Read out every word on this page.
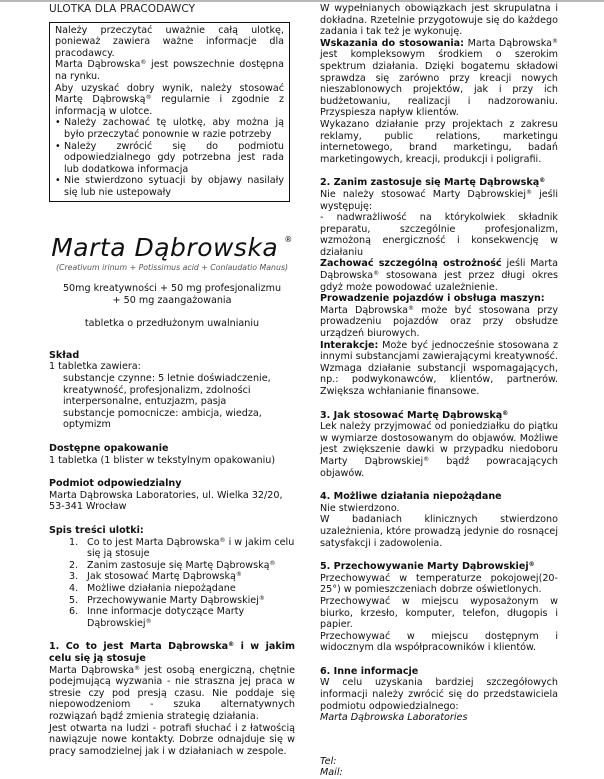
ULOTKA DLA PRACODAWCY

Należy przeczytać uważnie całą ulotkę, ponieważ zawiera ważne informacje dla pracodawcy.

Marta Dąbrowska® jest powszechnie dostępna na rynku.

Aby uzyskać dobry wynik, należy stosować Martę Dąbrowską® regularnie i zgodnie z informacją w ulotce.

• Należy zachować tę ulotkę, aby można ją było przeczytać ponownie w razie potrzeby
• Należy zwrócić się do podmiotu odpowiedzialnego gdy potrzebna jest rada lub dodatkowa informacja
• Nie stwierdzono sytuacji by objawy nasilały się lub nie ustepowały
Marta Dąbrowska ®
(Creativum irinum + Potissimus acid + Conlaudatio Manus)
50mg kreatywności + 50 mg profesjonalizmu
+ 50 mg zaangażowania
tabletka o przedłużonym uwalnianiu
Skład
1 tabletka zawiera:
substancje czynne: 5 letnie doświadczenie, kreatywność, profesjonalizm, zdolności interpersonalne, entuzjazm, pasja
substancje pomocnicze: ambicja, wiedza, optymizm
Dostępne opakowanie
1 tabletka (1 blister w tekstylnym opakowaniu)
Podmiot odpowiedzialny
Marta Dąbrowska Laboratories, ul. Wielka 32/20, 53-341 Wrocław
Spis treści ulotki:
1. Co to jest Marta Dąbrowska® i w jakim celu się ją stosuje
2. Zanim zastosuje się Martę Dąbrowską®
3. Jak stosować Martę Dąbrowską®
4. Możliwe działania niepożądane
5. Przechowywanie Marty Dąbrowskiej®
6. Inne informacje dotyczące Marty Dąbrowskiej®
1. Co to jest Marta Dąbrowska® i w jakim celu się ją stosuje
Marta Dąbrowska® jest osobą energiczną, chętnie podejmującą wyzwania - nie straszna jej praca w stresie czy pod presją czasu. Nie poddaje się niepowodzeniom - szuka alternatywnych rozwiązań bądź zmienia strategię działania.
Jest otwarta na ludzi - potrafi słuchać i z łatwością nawiązuje nowe kontakty. Dobrze odnajduje się w pracy samodzielnej jak i w działaniach w zespole.
W wypełnianych obowiązkach jest skrupulatna i dokładna. Rzetelnie przygotowuje się do każdego zadania i tak też je wykonuję.
Wskazania do stosowania: Marta Dąbrowska® jest kompleksowym środkiem o szerokim spektrum działania. Dzięki bogatemu składowi sprawdza się zarówno przy kreacji nowych nieszablonowych projektów, jak i przy ich budżetowaniu, realizacji i nadzorowaniu. Przyspiesza napływ klientów.
Wykazano działanie przy projektach z zakresu reklamy, public relations, marketingu internetowego, brand marketingu, badań marketingowych, kreacji, produkcji i poligrafii.
2. Zanim zastosuje się Martę Dąbrowską®
Nie należy stosować Marty Dąbrowskiej® jeśli występuję:
- nadwrażliwość na którykolwiek składnik preparatu, szczególnie profesjonalizm, wzmożoną energiczność i konsekwencję w działaniu
Zachować szczególną ostrożność jeśli Marta Dąbrowska® stosowana jest przez długi okres gdyż może powodować uzależnienie.
Prowadzenie pojazdów i obsługa maszyn:
Marta Dąbrowska® może być stosowana przy prowadzeniu pojazdów oraz przy obsłudze urządzeń biurowych.
Interakcje: Może być jednocześnie stosowana z innymi substancjami zawierającymi kreatywność. Wzmaga działanie substancji wspomagających, np.: podwykonawców, klientów, partnerów. Zwiększa wchłanianie finansowe.
3. Jak stosować Martę Dąbrowską®
Lek należy przyjmować od poniedziałku do piątku w wymiarze dostosowanym do objawów. Możliwe jest zwiększenie dawki w przypadku niedoboru Marty Dąbrowskiej® bądź powracających objawów.
4. Możliwe działania niepożądane
Nie stwierdzono.
W badaniach klinicznych stwierdzono uzależnienia, które prowadzą jedynie do rosnącej satysfakcji i zadowolenia.
5. Przechowywanie Marty Dąbrowskiej®
Przechowywać w temperaturze pokojowej(20-25°) w pomieszczeniach dobrze oświetlonych.
Przechowywać w miejscu wyposażonym w biurko, krzesło, komputer, telefon, długopis i papier.
Przechowywać w miejscu dostępnym i widocznym dla współpracowników i klientów.
6. Inne informacje
W celu uzyskania bardziej szczegółowych informacji należy zwrócić się do przedstawiciela podmiotu odpowiedzialnego:
Marta Dąbrowska Laboratories
Tel:
Mail:
